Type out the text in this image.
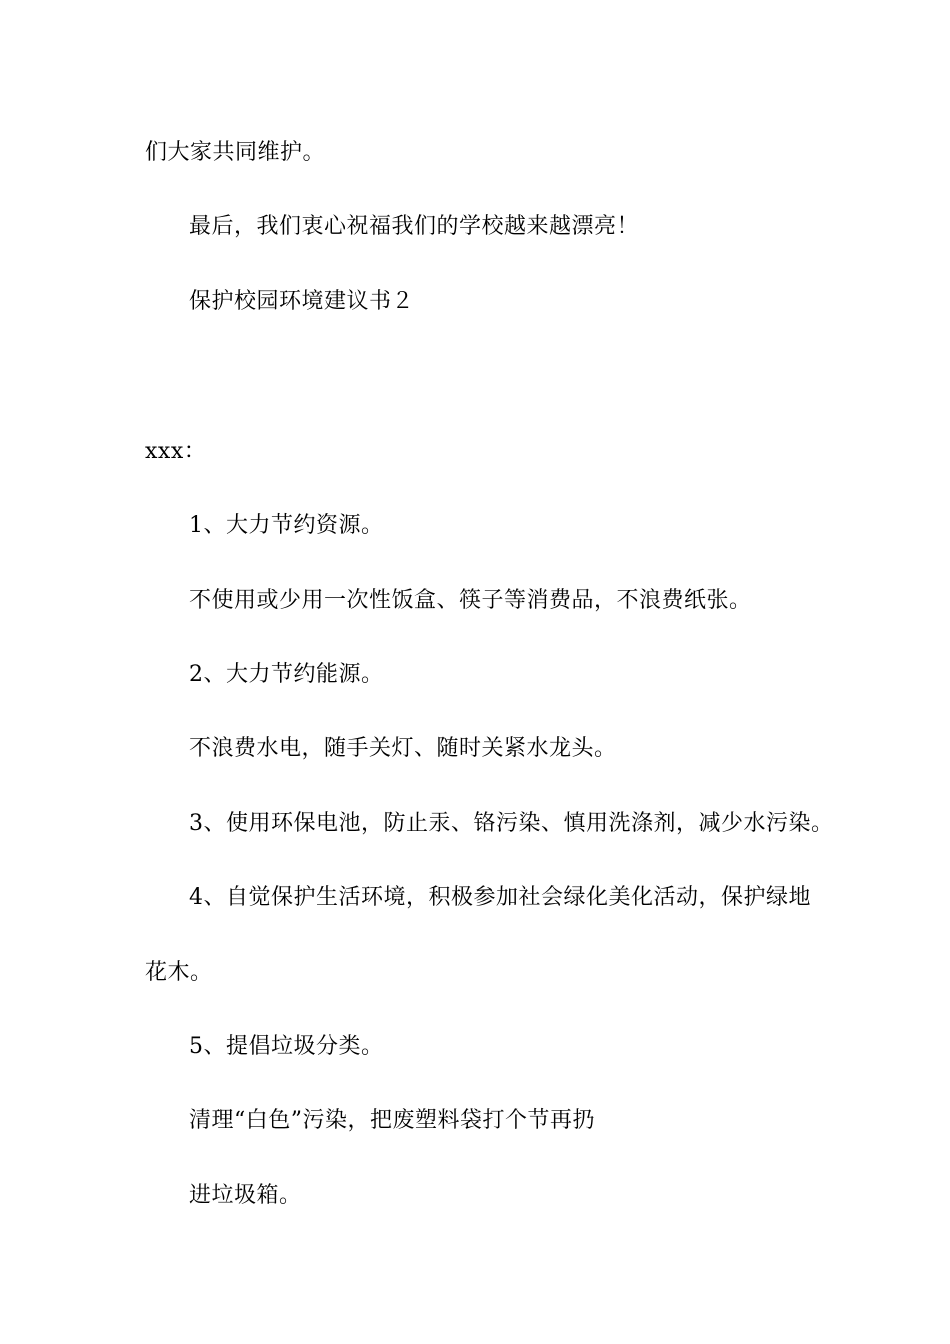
们大家共同维护。
最后，我们衷心祝福我们的学校越来越漂亮！
保护校园环境建议书２
xxx：
1、大力节约资源。
不使用或少用一次性饭盒、筷子等消费品，不浪费纸张。
2、大力节约能源。
不浪费水电，随手关灯、随时关紧水龙头。
3、使用环保电池，防止汞、铬污染、慎用洗涤剂，减少水污染。
4、自觉保护生活环境，积极参加社会绿化美化活动，保护绿地
花木。
5、提倡垃圾分类。
清理“白色”污染，把废塑料袋打个节再扔
进垃圾箱。
